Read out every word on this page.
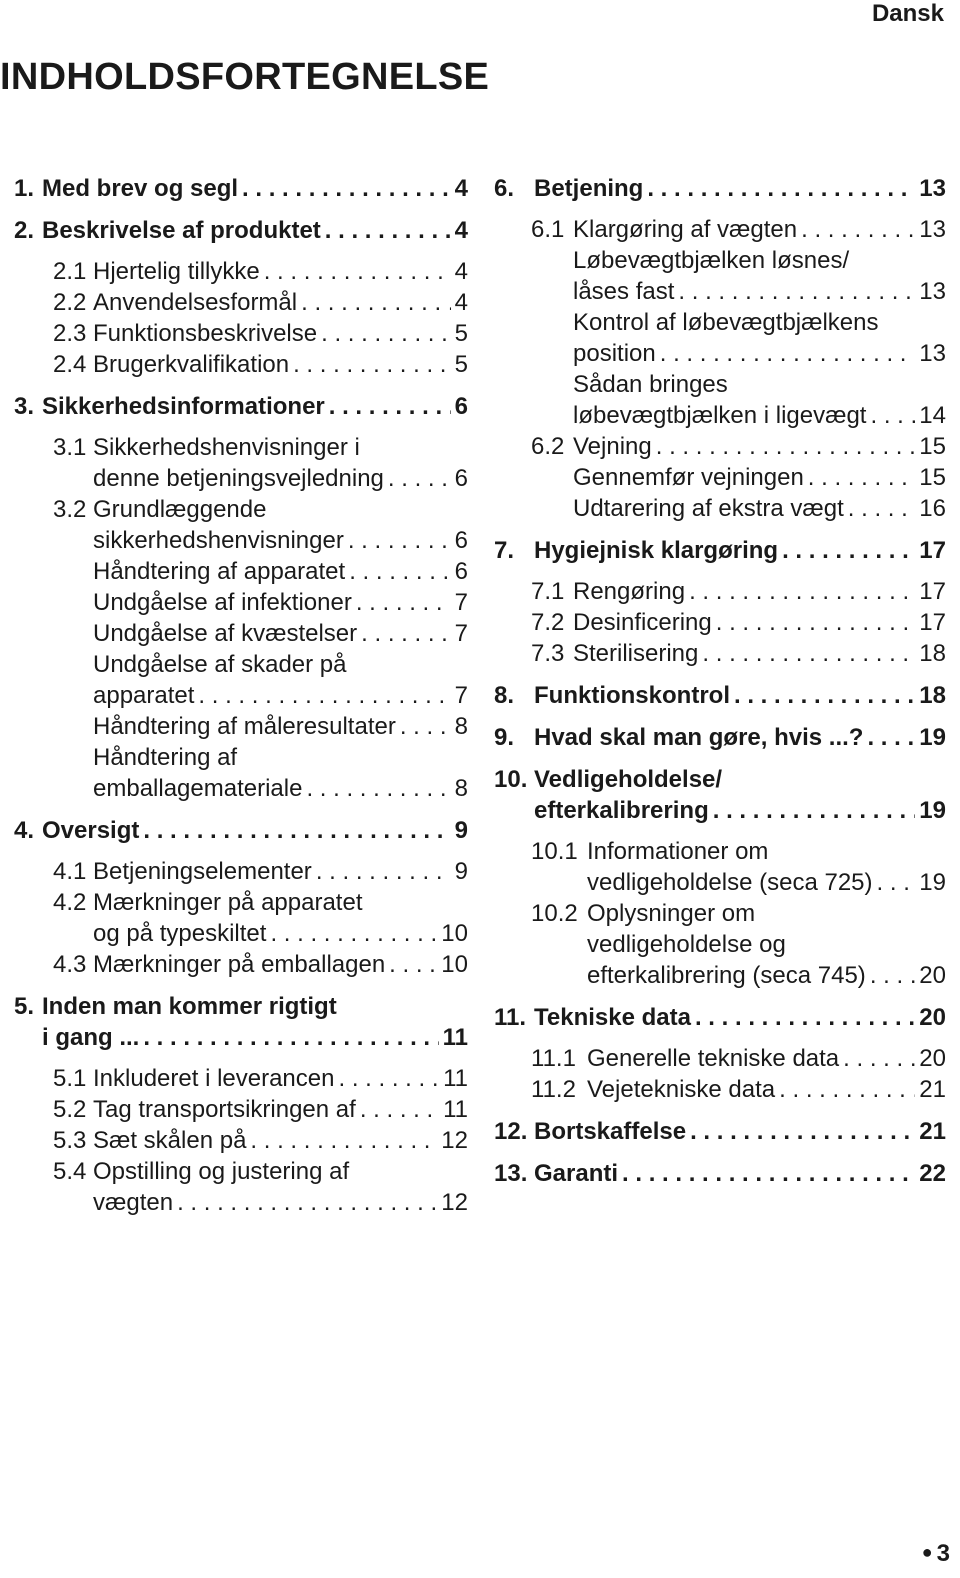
Dansk
INDHOLDSFORTEGNELSE
1. Med brev og segl . . .	4
2. Beskrivelse af produktet . . .	4
2.1 Hjertelig tillykke . . .	4
2.2 Anvendelsesformål . . .	4
2.3 Funktionsbeskrivelse . . .	5
2.4 Brugerkvalifikation . . .	5
3. Sikkerhedsinformationer . . .	6
3.1 Sikkerhedshenvisninger i
denne betjeningsvejledning . . .	6
3.2 Grundlæggende
sikkerhedshenvisninger . . .	6
Håndtering af apparatet . . .	6
Undgåelse af infektioner . . .	7
Undgåelse af kvæstelser . . .	7
Undgåelse af skader på
apparatet . . .	7
Håndtering af måleresultater . . . 8
Håndtering af
emballagemateriale . . .	8
4. Oversigt . . .	9
4.1 Betjeningselementer . . .	9
4.2 Mærkninger på apparatet
og på typeskiltet . . .	10
4.3 Mærkninger på emballagen . . . 10
5. Inden man kommer rigtigt
i gang ... . . .	11
5.1 Inkluderet i leverancen . . .	11
5.2 Tag transportsikringen af . . .	11
5.3 Sæt skålen på . . .	12
5.4 Opstilling og justering af
vægten . . .	12
6. Betjening . . .	13
6.1 Klargøring af vægten . . .	13
Løbevægtbjælken løsnes/
låses fast . . .	13
Kontrol af løbevægtbjælkens
position . . .	13
Sådan bringes
løbevægtbjælken i ligevægt . . . 14
6.2 Vejning . . .	15
Gennemfør vejningen . . .	15
Udtarering af ekstra vægt . . .	16
7. Hygiejnisk klargøring . . .	17
7.1 Rengøring . . .	17
7.2 Desinficering . . .	17
7.3 Sterilisering . . .	18
8. Funktionskontrol . . .	18
9. Hvad skal man gøre, hvis ...? . . . 19
10. Vedligeholdelse/
efterkalibrering . . .	19
10.1 Informationer om
vedligeholdelse (seca 725) . . . 19
10.2 Oplysninger om
vedligeholdelse og
efterkalibrering (seca 745) . . . 20
11. Tekniske data . . .	20
11.1 Generelle tekniske data . . .	20
11.2 Vejetekniske data . . .	21
12. Bortskaffelse . . .	21
13. Garanti . . .	22
● 3
